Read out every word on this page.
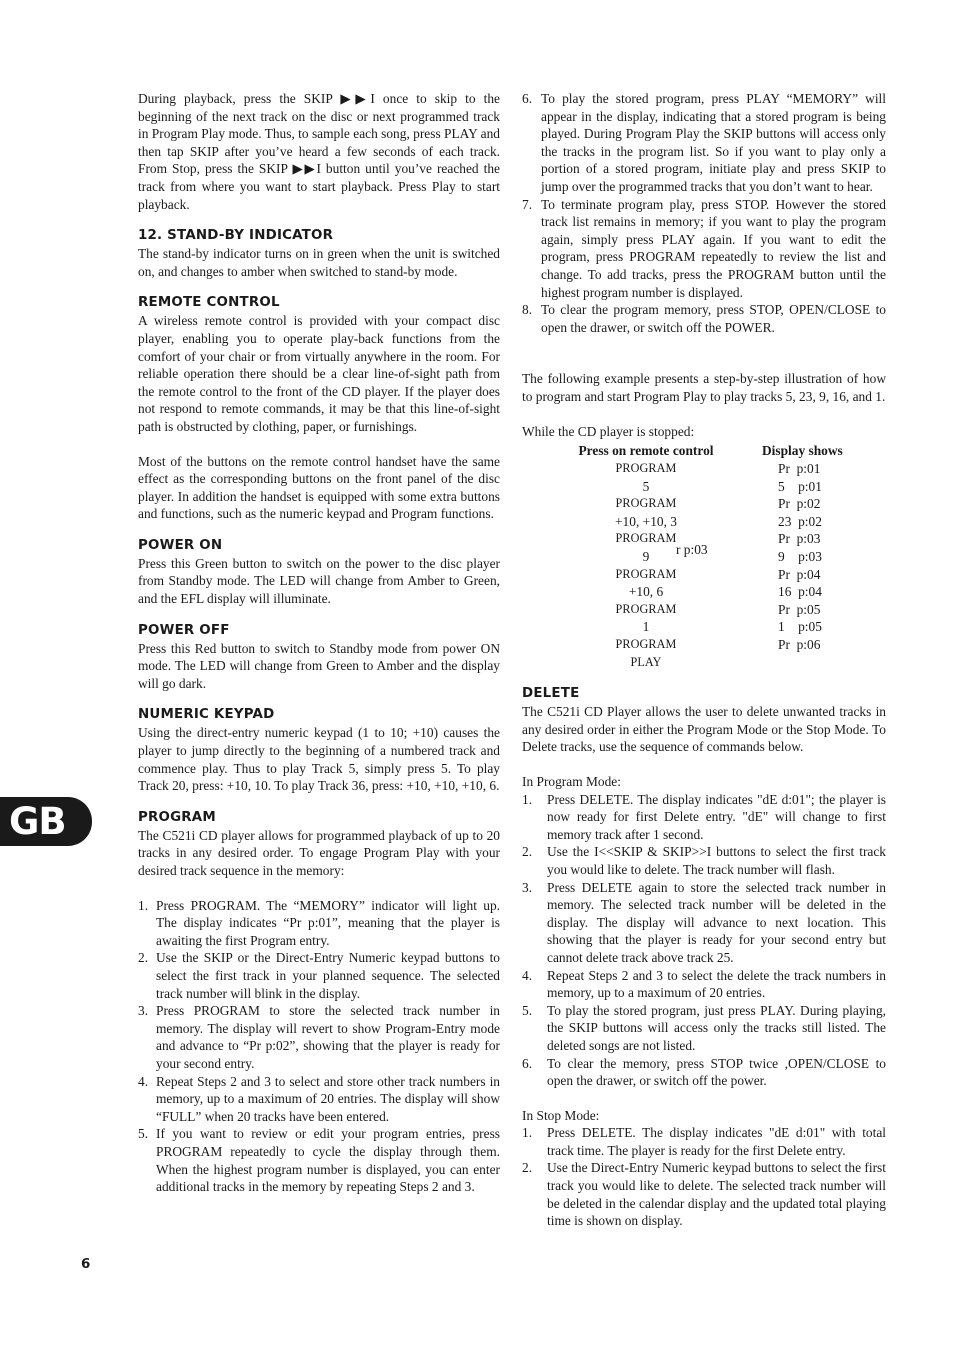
During playback, press the SKIP ▶▶I once to skip to the beginning of the next track on the disc or next programmed track in Program Play mode. Thus, to sample each song, press PLAY and then tap SKIP after you’ve heard a few seconds of each track. From Stop, press the SKIP ▶▶I button until you’ve reached the track from where you want to start playback. Press Play to start playback.

12. STAND-BY INDICATOR

The stand-by indicator turns on in green when the unit is switched on, and changes to amber when switched to stand-by mode.

REMOTE CONTROL

A wireless remote control is provided with your compact disc player, enabling you to operate play-back functions from the comfort of your chair or from virtually anywhere in the room. For reliable operation there should be a clear line-of-sight path from the remote control to the front of the CD player. If the player does not respond to remote commands, it may be that this line-of-sight path is obstructed by clothing, paper, or furnishings.

Most of the buttons on the remote control handset have the same effect as the corresponding buttons on the front panel of the disc player. In addition the handset is equipped with some extra buttons and functions, such as the numeric keypad and Program functions.

POWER ON

Press this Green button to switch on the power to the disc player from Standby mode. The LED will change from Amber to Green, and the EFL display will illuminate.

POWER OFF

Press this Red button to switch to Standby mode from power ON mode. The LED will change from Green to Amber and the display will go dark.

NUMERIC KEYPAD

Using the direct-entry numeric keypad (1 to 10; +10) causes the player to jump directly to the beginning of a numbered track and commence play. Thus to play Track 5, simply press 5. To play Track 20, press: +10, 10. To play Track 36, press: +10, +10, +10, 6.

PROGRAM

The C521i CD player allows for programmed playback of up to 20 tracks in any desired order. To engage Program Play with your desired track sequence in the memory:

1. Press PROGRAM. The “MEMORY” indicator will light up. The display indicates “Pr p:01”, meaning that the player is awaiting the first Program entry.
2. Use the SKIP or the Direct-Entry Numeric keypad buttons to select the first track in your planned sequence. The selected track number will blink in the display.
3. Press PROGRAM to store the selected track number in memory. The display will revert to show Program-Entry mode and advance to “Pr p:02”, showing that the player is ready for your second entry.
4. Repeat Steps 2 and 3 to select and store other track numbers in memory, up to a maximum of 20 entries. The display will show “FULL” when 20 tracks have been entered.
5. If you want to review or edit your program entries, press PROGRAM repeatedly to cycle the display through them. When the highest program number is displayed, you can enter additional tracks in the memory by repeating Steps 2 and 3.
6. To play the stored program, press PLAY “MEMORY” will appear in the display, indicating that a stored program is being played. During Program Play the SKIP buttons will access only the tracks in the program list. So if you want to play only a portion of a stored program, initiate play and press SKIP to jump over the programmed tracks that you don’t want to hear.
7. To terminate program play, press STOP. However the stored track list remains in memory; if you want to play the program again, simply press PLAY again. If you want to edit the program, press PROGRAM repeatedly to review the list and change. To add tracks, press the PROGRAM button until the highest program number is displayed.
8. To clear the program memory, press STOP, OPEN/CLOSE to open the drawer, or switch off the POWER.

The following example presents a step-by-step illustration of how to program and start Program Play to play tracks 5, 23, 9, 16, and 1.

While the CD player is stopped:

Press on remote control	Display shows
PROGRAM	Pr  p:01
5	5    p:01
PROGRAM	Pr  p:02
+10, +10, 3	23  p:02
PROGRAM	Pr  p:03
9	9    p:03
PROGRAM	Pr  p:04
+10, 6	16  p:04
PROGRAM	Pr  p:05
1	1    p:05
PROGRAM	Pr  p:06
PLAY
DELETE

The C521i CD Player allows the user to delete unwanted tracks in any desired order in either the Program Mode or the Stop Mode. To Delete tracks, use the sequence of commands below.

In Program Mode:

1. Press DELETE. The display indicates "dE d:01"; the player is now ready for first Delete entry. "dE" will change to first memory track after 1 second.
2. Use the I<<SKIP & SKIP>>I buttons to select the first track you would like to delete. The track number will flash.
3. Press DELETE again to store the selected track number in memory. The selected track number will be deleted in the display. The display will advance to next location. This showing that the player is ready for your second entry but cannot delete track above track 25.
4. Repeat Steps 2 and 3 to select the delete the track numbers in memory, up to a maximum of 20 entries.
5. To play the stored program, just press PLAY. During playing, the SKIP buttons will access only the tracks still listed. The deleted songs are not listed.
6. To clear the memory, press STOP twice ,OPEN/CLOSE to open the drawer, or switch off the power.

In Stop Mode:

1. Press DELETE. The display indicates "dE d:01" with total track time. The player is ready for the first Delete entry.
2. Use the Direct-Entry Numeric keypad buttons to select the first track you would like to delete. The selected track number will be deleted in the calendar display and the updated total playing time is shown on display.
r p:03
GB
6
